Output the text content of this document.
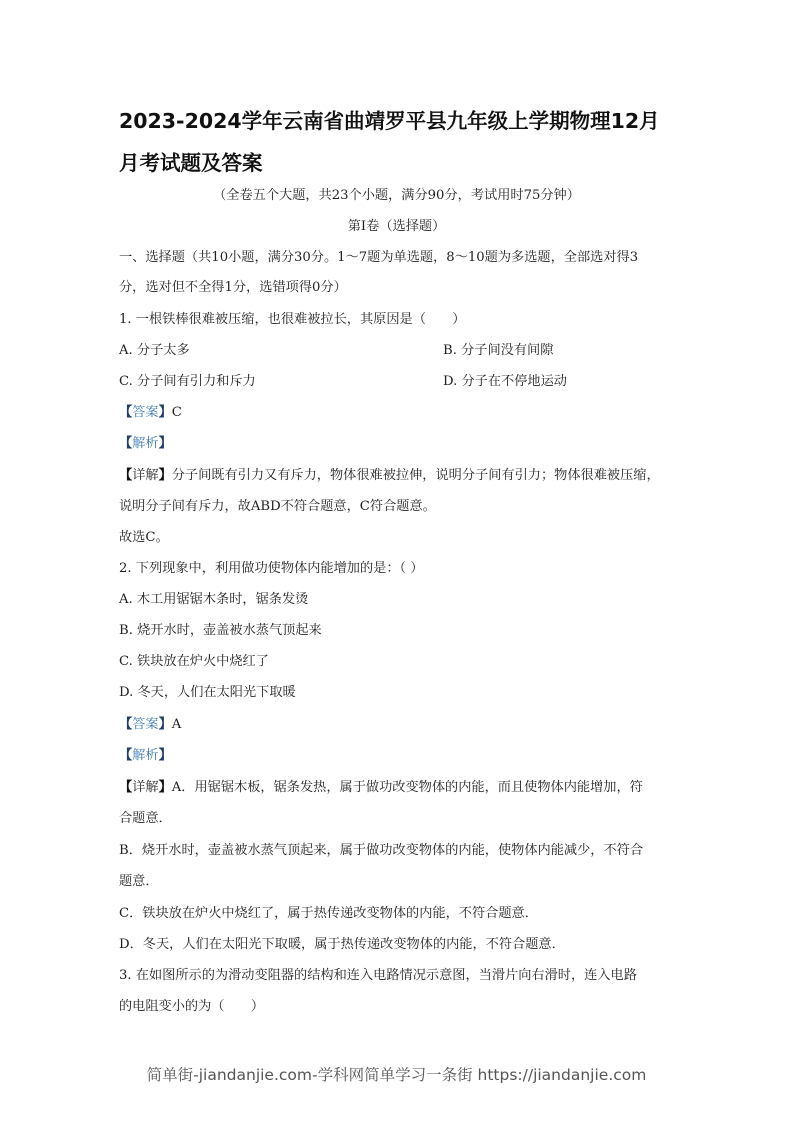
2023-2024学年云南省曲靖罗平县九年级上学期物理12月
月考试题及答案
（全卷五个大题，共23个小题，满分90分，考试用时75分钟）
第Ⅰ卷（选择题）
一、选择题（共10小题，满分30分。1～7题为单选题，8～10题为多选题，全部选对得3
分，选对但不全得1分，选错项得0分）
1. 一根铁棒很难被压缩，也很难被拉长，其原因是（　　）
A. 分子太多	B. 分子间没有间隙
C. 分子间有引力和斥力	D. 分子在不停地运动
【答案】C
【解析】
【详解】分子间既有引力又有斥力，物体很难被拉伸，说明分子间有引力；物体很难被压缩，
说明分子间有斥力，故ABD不符合题意，C符合题意。
故选C。
2. 下列现象中，利用做功使物体内能增加的是：（ ）
A. 木工用锯锯木条时，锯条发烫
B. 烧开水时，壶盖被水蒸气顶起来
C. 铁块放在炉火中烧红了
D. 冬天，人们在太阳光下取暖
【答案】A
【解析】
【详解】A．用锯锯木板，锯条发热，属于做功改变物体的内能，而且使物体内能增加，符
合题意．
B．烧开水时，壶盖被水蒸气顶起来，属于做功改变物体的内能，使物体内能减少，不符合
题意．
C．铁块放在炉火中烧红了，属于热传递改变物体的内能，不符合题意．
D．冬天，人们在太阳光下取暖，属于热传递改变物体的内能，不符合题意．
3. 在如图所示的为滑动变阻器的结构和连入电路情况示意图，当滑片向右滑时，连入电路
的电阻变小的为（　　）
简单街-jiandanjie.com-学科网简单学习一条街 https://jiandanjie.com
